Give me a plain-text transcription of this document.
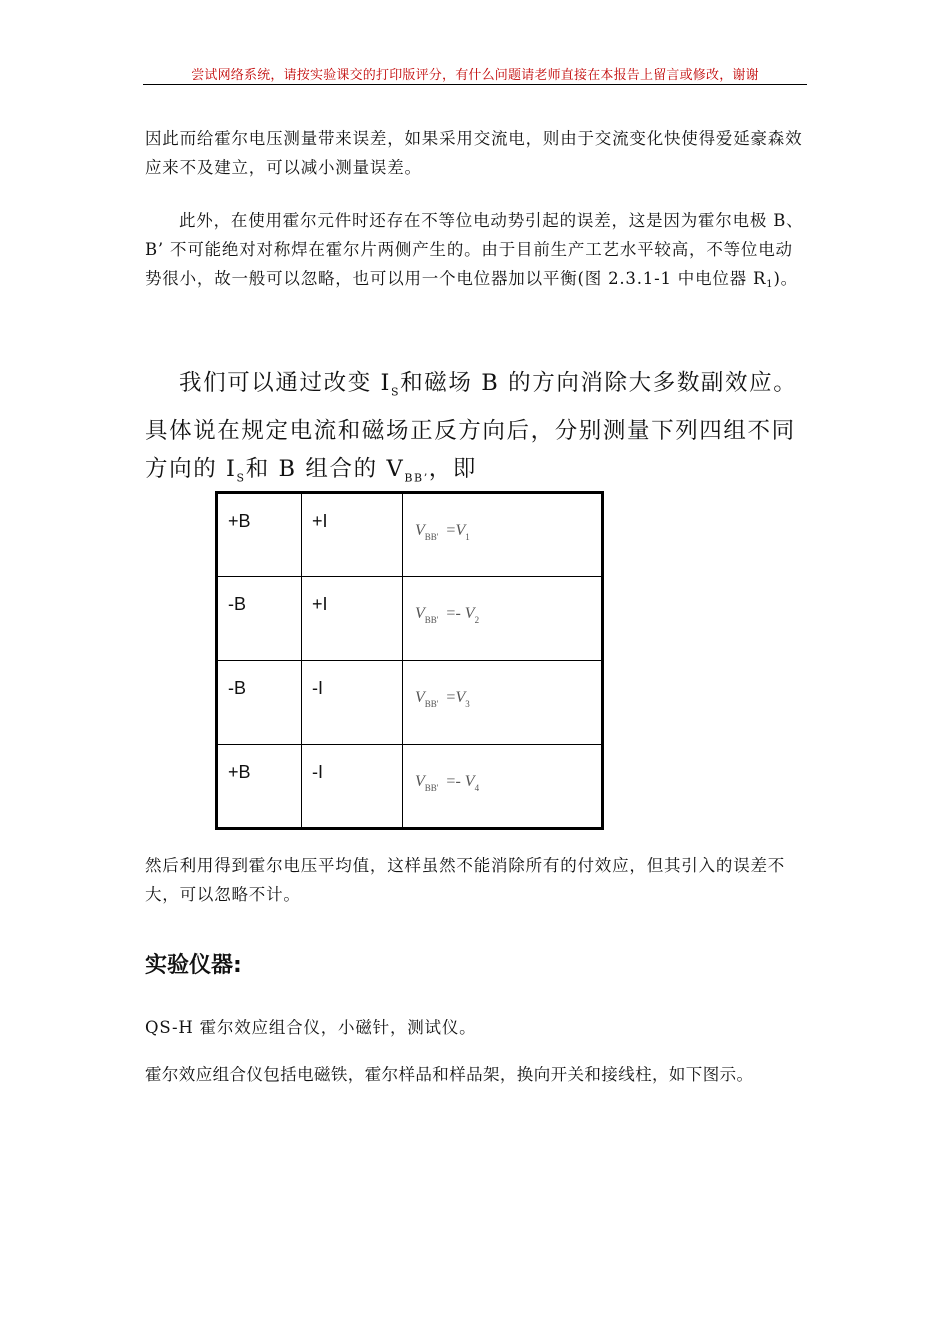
尝试网络系统，请按实验课交的打印版评分，有什么问题请老师直接在本报告上留言或修改，谢谢

因此而给霍尔电压测量带来误差，如果采用交流电，则由于交流变化快使得爱延豪森效应来不及建立，可以减小测量误差。

此外，在使用霍尔元件时还存在不等位电动势引起的误差，这是因为霍尔电极 B、B’ 不可能绝对对称焊在霍尔片两侧产生的。由于目前生产工艺水平较高，不等位电动势很小，故一般可以忽略，也可以用一个电位器加以平衡(图 2.3.1-1 中电位器 $R_1$)。

我们可以通过改变 $I_S$和磁场 B 的方向消除大多数副效应。具体说在规定电流和磁场正反方向后，分别测量下列四组不同方向的 $I_S$和 B 组合的 $V_{BB’}$，即

+B	+I	$V_{BB'} =V_1$
-B	+I	$V_{BB'} =- V_2$
-B	-I	$V_{BB'} =V_3$
+B	-I	$V_{BB'} =- V_4$

然后利用得到霍尔电压平均值，这样虽然不能消除所有的付效应，但其引入的误差不大，可以忽略不计。

实验仪器:

QS-H 霍尔效应组合仪，小磁针，测试仪。

霍尔效应组合仪包括电磁铁，霍尔样品和样品架，换向开关和接线柱，如下图示。
